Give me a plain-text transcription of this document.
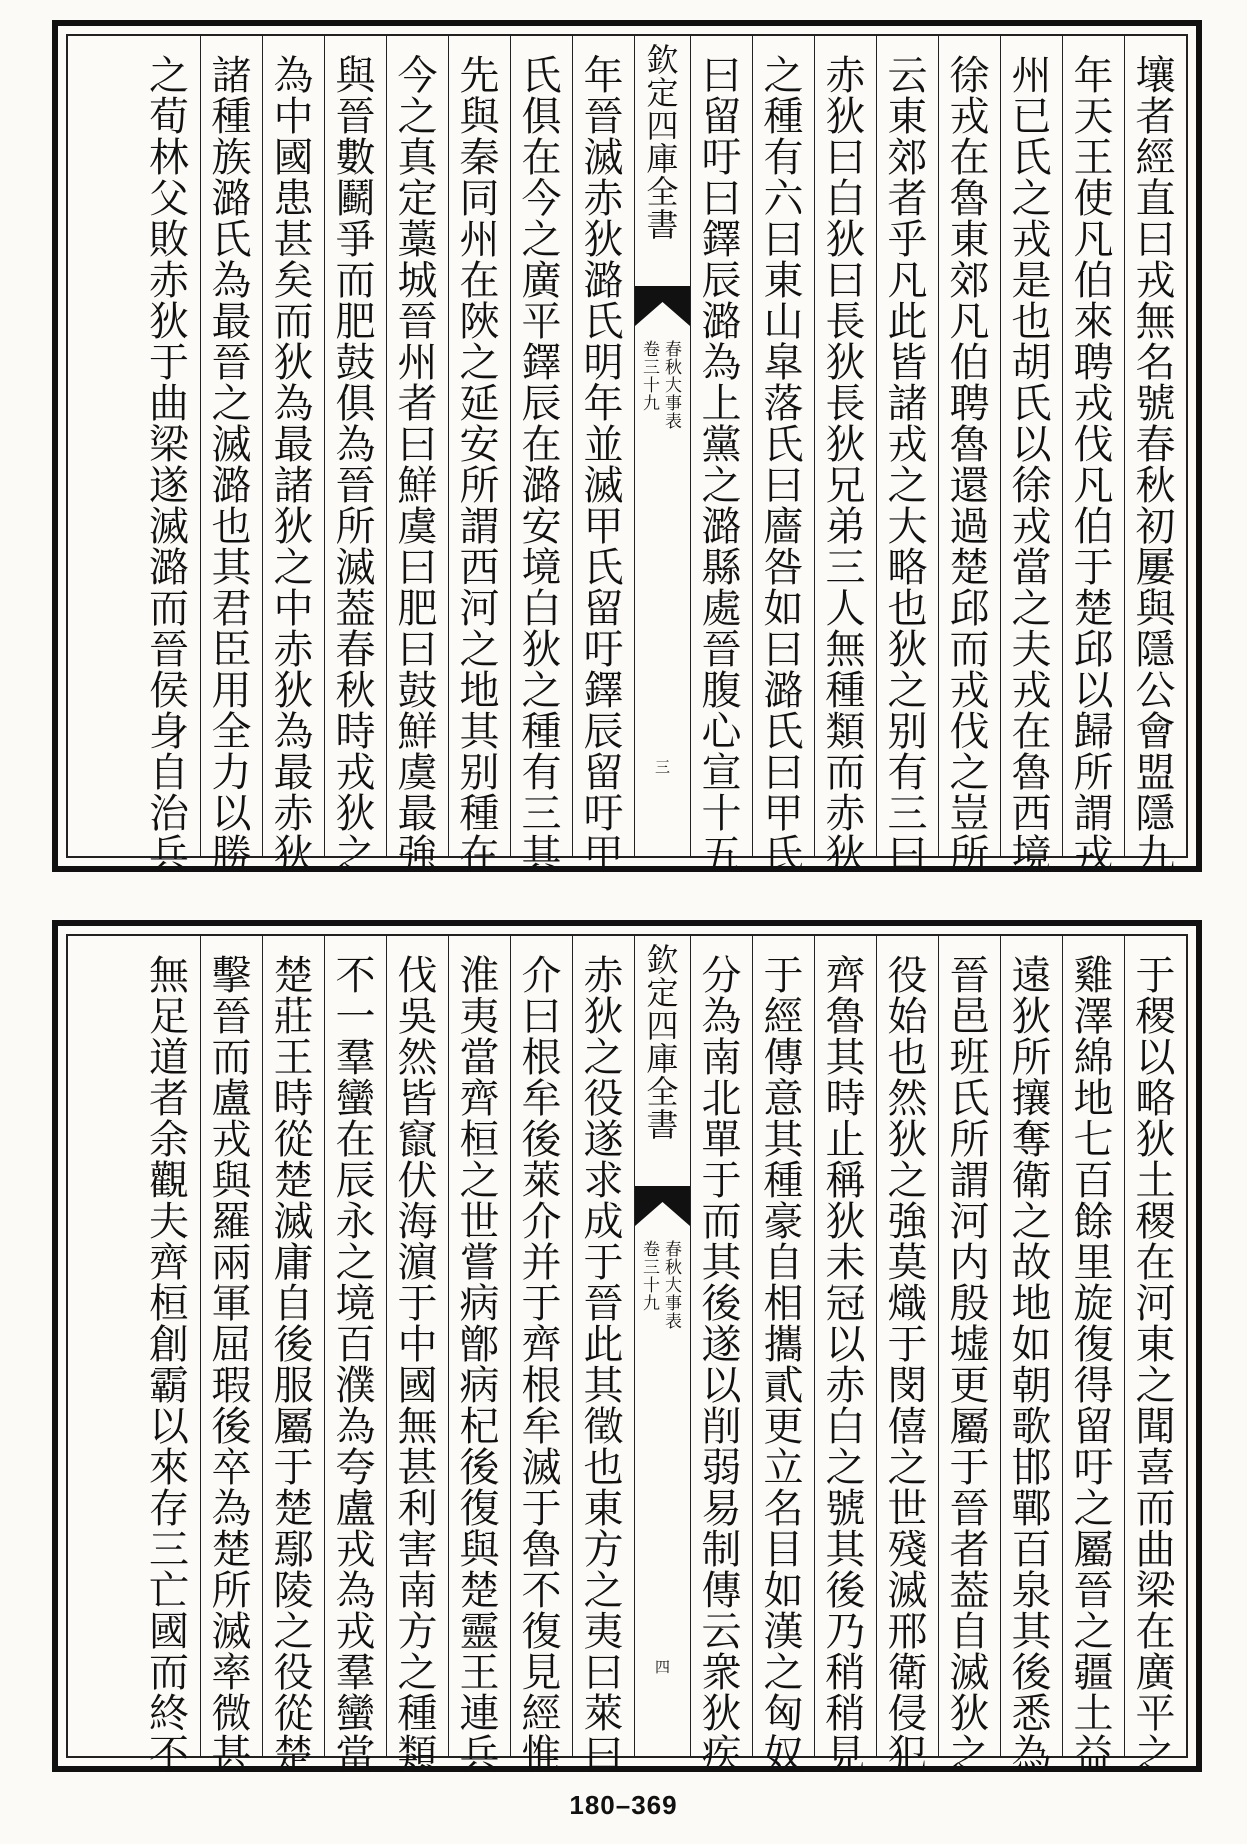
壤
者
經
直
曰
戎
無
名
號
春
秋
初
屢
與
隱
公
會
盟
隱
九
年
天
王
使
凡
伯
來
聘
戎
伐
凡
伯
于
楚
邱
以
歸
所
謂
戎
州
已
氏
之
戎
是
也
胡
氏
以
徐
戎
當
之
夫
戎
在
魯
西
境
徐
戎
在
魯
東
郊
凡
伯
聘
魯
還
過
楚
邱
而
戎
伐
之
豈
所
云
東
郊
者
乎
凡
此
皆
諸
戎
之
大
略
也
狄
之
别
有
三
曰
赤
狄
曰
白
狄
曰
長
狄
長
狄
兄
弟
三
人
無
種
類
而
赤
狄
之
種
有
六
曰
東
山
皐
落
氏
曰
廧
咎
如
曰
潞
氏
曰
甲
氏
曰
留
吁
曰
鐸
辰
潞
為
上
黨
之
潞
縣
處
晉
腹
心
宣
十
五
欽
定
四
庫
全
書
春
秋
大
事
表
卷
三
十
九
三
年
晉
滅
赤
狄
潞
氏
明
年
並
滅
甲
氏
留
吁
鐸
辰
留
吁
甲
氏
俱
在
今
之
廣
平
鐸
辰
在
潞
安
境
白
狄
之
種
有
三
其
先
與
秦
同
州
在
陜
之
延
安
所
謂
西
河
之
地
其
别
種
在
今
之
真
定
藁
城
晉
州
者
曰
鮮
虞
曰
肥
曰
鼓
鮮
虞
最
強
與
晉
數
鬬
爭
而
肥
鼓
俱
為
晉
所
滅
葢
春
秋
時
戎
狄
之
為
中
國
患
甚
矣
而
狄
為
最
諸
狄
之
中
赤
狄
為
最
赤
狄
諸
種
族
潞
氏
為
最
晉
之
滅
潞
也
其
君
臣
用
全
力
以
勝
之
荀
林
父
敗
赤
狄
于
曲
梁
遂
滅
潞
而
晉
侯
身
自
治
兵
于
稷
以
略
狄
土
稷
在
河
東
之
聞
喜
而
曲
梁
在
廣
平
之
雞
澤
綿
地
七
百
餘
里
旋
復
得
留
吁
之
屬
晉
之
疆
土
益
遠
狄
所
攘
奪
衛
之
故
地
如
朝
歌
邯
鄲
百
泉
其
後
悉
為
晉
邑
班
氏
所
謂
河
内
殷
墟
更
屬
于
晉
者
葢
自
滅
狄
之
役
始
也
然
狄
之
強
莫
熾
于
閔
僖
之
世
殘
滅
邢
衛
侵
犯
齊
魯
其
時
止
稱
狄
未
冠
以
赤
白
之
號
其
後
乃
稍
稍
見
于
經
傳
意
其
種
豪
自
相
攜
貳
更
立
名
目
如
漢
之
匈
奴
分
為
南
北
單
于
而
其
後
遂
以
削
弱
易
制
傳
云
衆
狄
疾
欽
定
四
庫
全
書
春
秋
大
事
表
卷
三
十
九
四
赤
狄
之
役
遂
求
成
于
晉
此
其
徵
也
東
方
之
夷
曰
萊
曰
介
曰
根
牟
後
萊
介
并
于
齊
根
牟
滅
于
魯
不
復
見
經
惟
淮
夷
當
齊
桓
之
世
嘗
病
鄫
病
杞
後
復
與
楚
靈
王
連
兵
伐
吳
然
皆
竄
伏
海
濵
于
中
國
無
甚
利
害
南
方
之
種
類
不
一
羣
蠻
在
辰
永
之
境
百
濮
為
夸
盧
戎
為
戎
羣
蠻
當
楚
莊
王
時
從
楚
滅
庸
自
後
服
屬
于
楚
鄢
陵
之
役
從
楚
擊
晉
而
盧
戎
與
羅
兩
軍
屈
瑕
後
卒
為
楚
所
滅
率
微
甚
無
足
道
者
余
觀
夫
齊
桓
創
霸
以
來
存
三
亡
國
而
終
不
180–369
